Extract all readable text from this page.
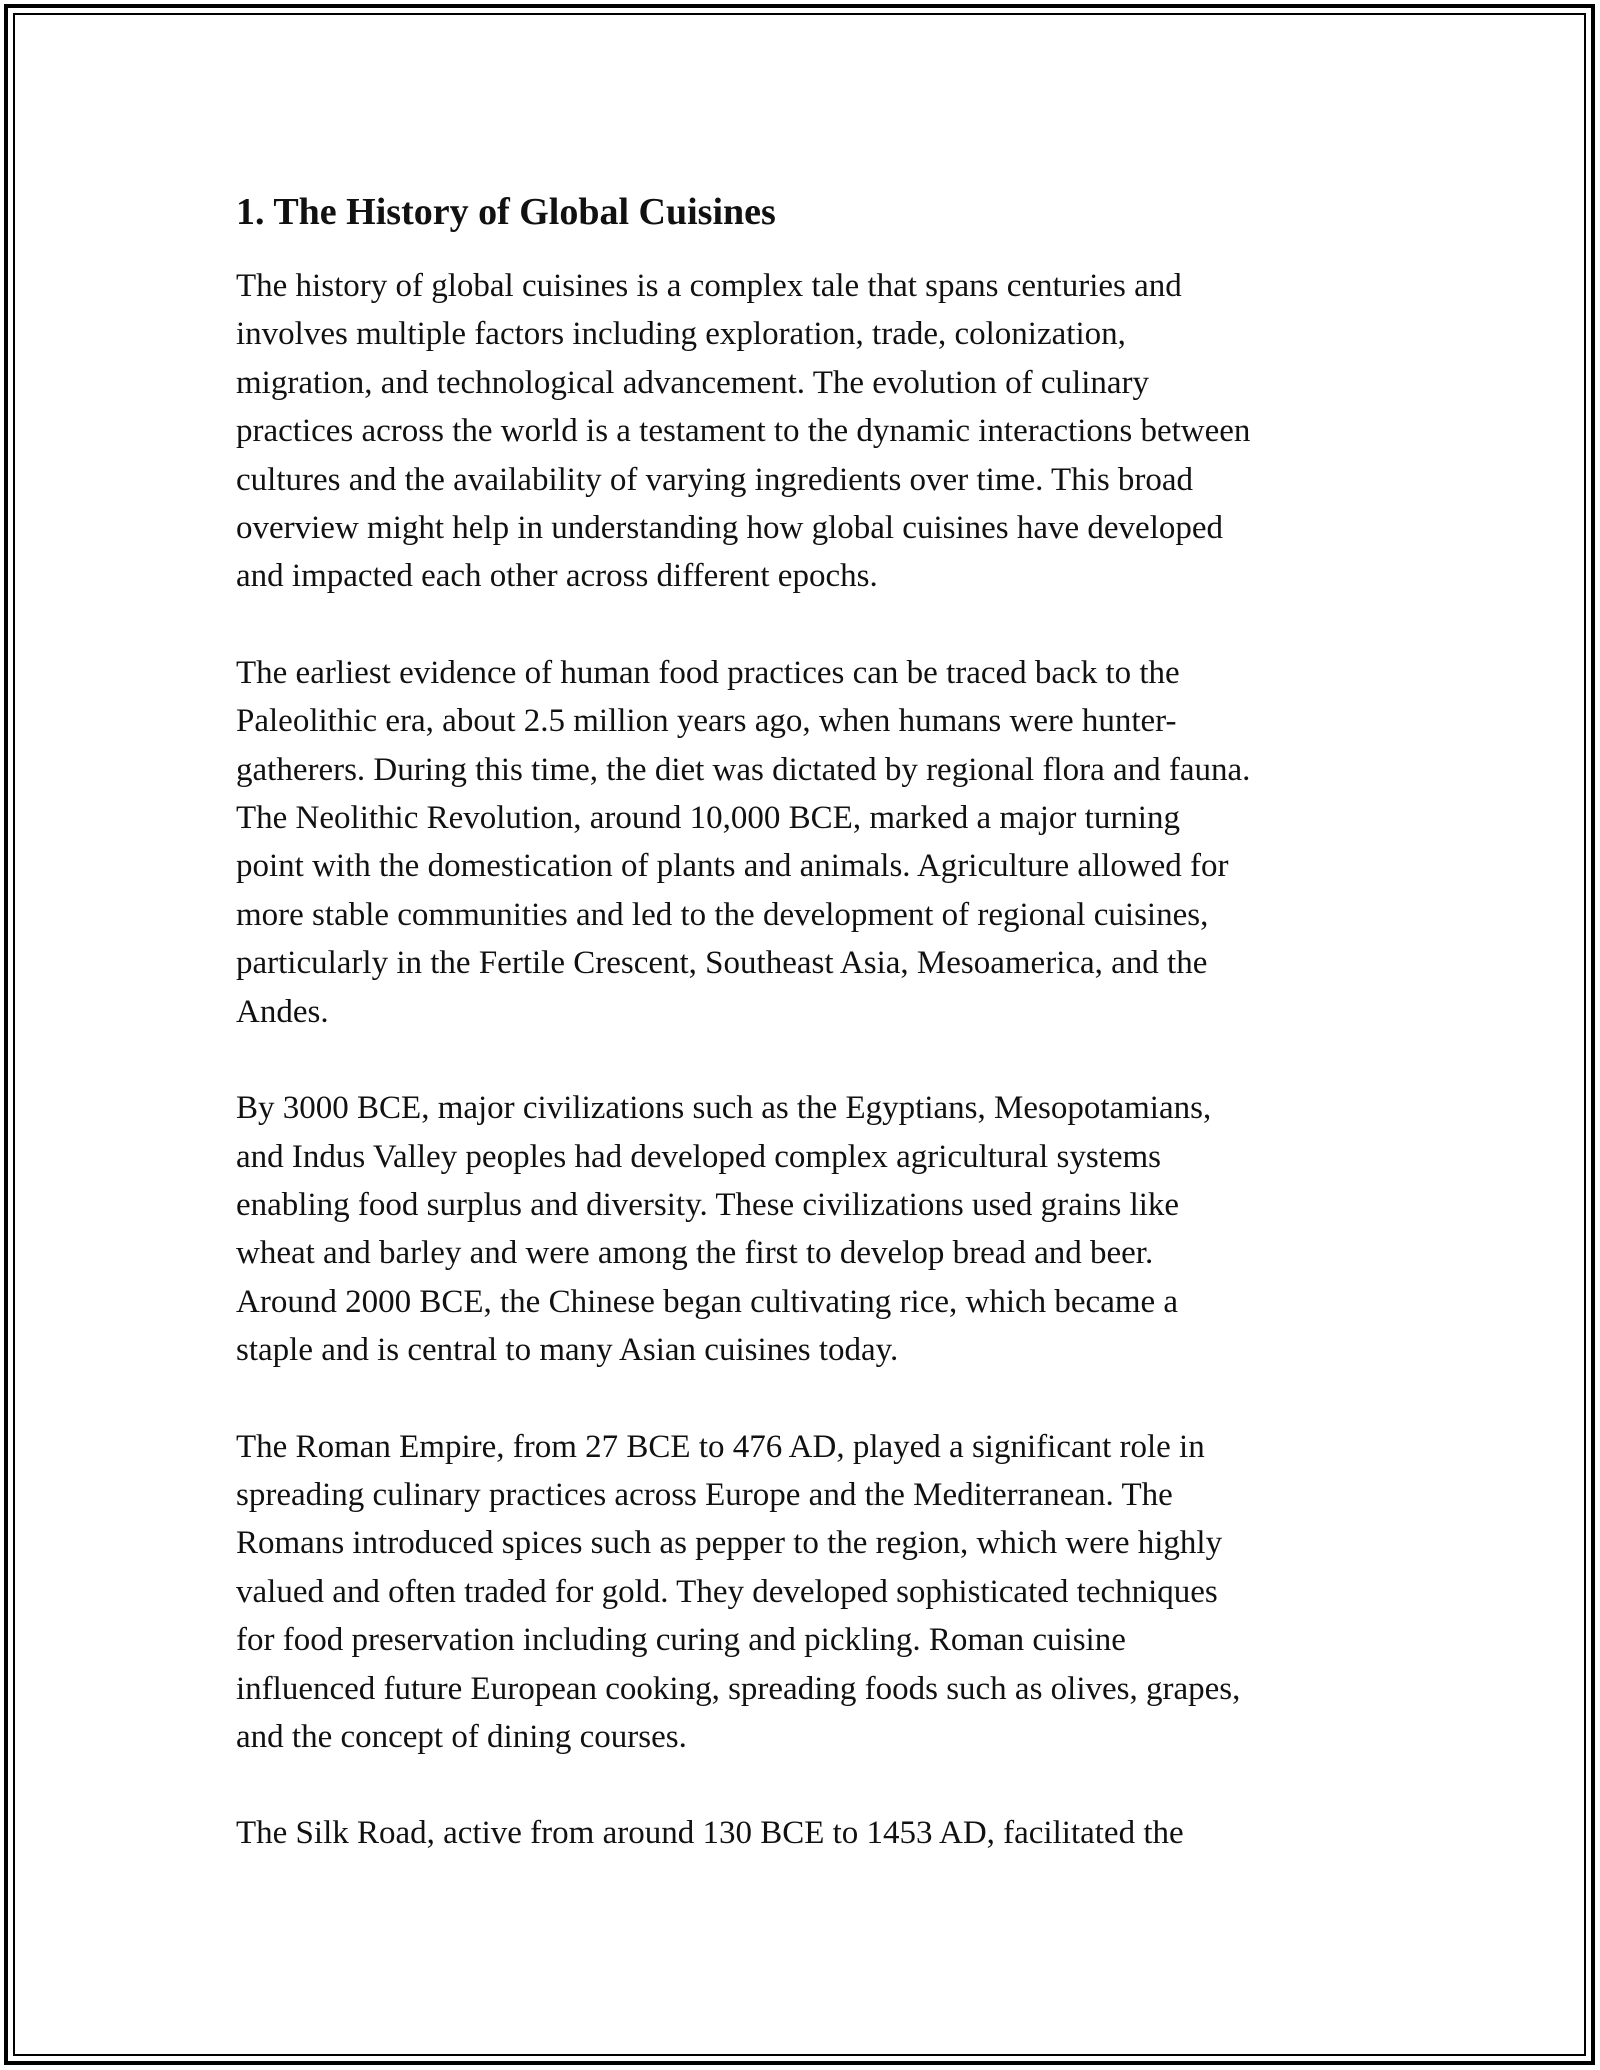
1. The History of Global Cuisines

The history of global cuisines is a complex tale that spans centuries and
involves multiple factors including exploration, trade, colonization,
migration, and technological advancement. The evolution of culinary
practices across the world is a testament to the dynamic interactions between
cultures and the availability of varying ingredients over time. This broad
overview might help in understanding how global cuisines have developed
and impacted each other across different epochs.

The earliest evidence of human food practices can be traced back to the
Paleolithic era, about 2.5 million years ago, when humans were hunter-
gatherers. During this time, the diet was dictated by regional flora and fauna.
The Neolithic Revolution, around 10,000 BCE, marked a major turning
point with the domestication of plants and animals. Agriculture allowed for
more stable communities and led to the development of regional cuisines,
particularly in the Fertile Crescent, Southeast Asia, Mesoamerica, and the
Andes.

By 3000 BCE, major civilizations such as the Egyptians, Mesopotamians,
and Indus Valley peoples had developed complex agricultural systems
enabling food surplus and diversity. These civilizations used grains like
wheat and barley and were among the first to develop bread and beer.
Around 2000 BCE, the Chinese began cultivating rice, which became a
staple and is central to many Asian cuisines today.

The Roman Empire, from 27 BCE to 476 AD, played a significant role in
spreading culinary practices across Europe and the Mediterranean. The
Romans introduced spices such as pepper to the region, which were highly
valued and often traded for gold. They developed sophisticated techniques
for food preservation including curing and pickling. Roman cuisine
influenced future European cooking, spreading foods such as olives, grapes,
and the concept of dining courses.

The Silk Road, active from around 130 BCE to 1453 AD, facilitated the
